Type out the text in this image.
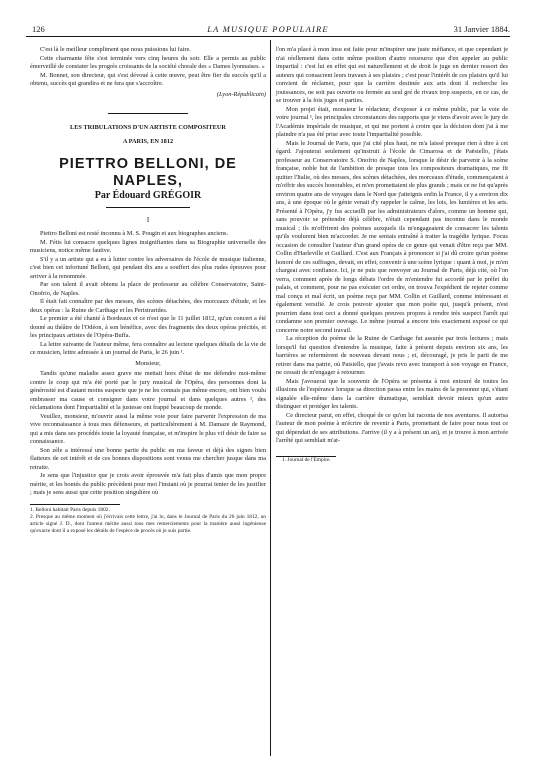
126	LA MUSIQUE POPULAIRE	31 Janvier 1884.

C'est là le meilleur compliment que nous puissions lui faire.

Cette charmante fête s'est terminée vers cinq heures du soir. Elle a permis au public émerveillé de constater les progrès croissants de la société chorale des « Dames lyonnaises. »

M. Bonnet, son directeur, qui s'est dévoué à cette œuvre, peut être fier du succès qu'il a obtenu, succès qui grandira et ne fera que s'accroître.

(Lyon-Républicain)
LES TRIBULATIONS D'UN ARTISTE COMPOSITEUR
A PARIS, EN 1812
PIETTRO BELLONI, DE NAPLES,
Par Édouard GRÉGOIR
I

Piettro Belloni est resté inconnu à M. S. Pougin et aux biographes anciens.

M. Fétis lui consacre quelques lignes insignifiantes dans sa Biographie universelle des musiciens, notice même fautive.

S'il y a un artiste qui a eu à lutter contre les adversaires de l'école de musique italienne, c'est bien cet infortuné Belloni, qui pendant dix ans a souffert des plus rudes épreuves pour arriver à la renommée.

Par son talent il avait obtenu la place de professeur au célèbre Conservatoire, Saint-Onofrio, de Naples.

Il était fait connaître par des messes, des scènes détachées, des morceaux d'étude, et les deux opéras : la Ruine de Carthage et les Peristrarides.

Le premier a été chanté à Bordeaux et ce n'est que le 11 juillet 1812, qu'un concert a été donné au théâtre de l'Odéon, à son bénéfice, avec des fragments des deux opéras précités, et les principaux artistes de l'Opéra-Buffa.

La lettre suivante de l'auteur même, fera connaître au lecteur quelques détails de la vie de ce musicien, lettre adressée à un journal de Paris, le 26 juin ¹.

Monsieur,

Tandis qu'une maladie assez grave me mettait hors d'état de me défendre moi-même contre le coup qui m'a été porté par le jury musical de l'Opéra, des personnes dont la générosité est d'autant moins suspecte que je ne les connais pas même encore, ont bien voulu embrasser ma cause et consigner dans votre journal et dans quelques autres ², des réclamations dont l'impartialité et la justesse ont frappé beaucoup de monde.

Veuillez, monsieur, m'ouvrir aussi la même voie pour faire parvenir l'expression de ma vive reconnaissance à tous mes défenseurs, et particulièrement à M. Damaze de Raymond, qui a mis dans ses procédés toute la loyauté française, et m'inspire le plus vif désir de faire sa connaissance.

Son zèle a intéressé une bonne partie du public en ma faveur et déjà des signes bien flatteurs de cet intérêt et de ces bonnes dispositions sont venus me chercher jusque dans ma retraite.

Je sens que l'injustice que je crois avoir éprouvée m'a fait plus d'amis que mon propre mérite, et les bontés du public précèdent pour moi l'instant où je pourrai tenter de les justifier ; mais je sens aussi que cette position singulière où

1. Belloni habitait Paris depuis 1802.

2. Presque au même moment où j'écrivais cette lettre, j'ai lu, dans le Journal de Paris du 26 juin 1812, un article signé J. D., dont l'auteur mérite aussi tous mes remerciements pour la manière aussi ingénieuse qu'exacte dont il a exposé les détails de l'espèce de procès où je suis partie.

l'on m'a placé à mon insu est faite pour m'inspirer une juste méfiance, et que cependant je n'ai réellement dans cette même position d'autre ressource que d'en appeler au public impartial : c'est lui en effet qui est naturellement et de droit le juge en dernier ressort des auteurs qui consacrent leurs travaux à ses plaisirs ; c'est pour l'intérêt de ces plaisirs qu'il lui convient de réclamer, pour que la carrière destinée aux arts dont il recherche les jouissances, ne soit pas ouverte ou fermée au seul gré de rivaux trop suspects, en ce cas, de se trouver à la fois juges et parties.

Mon projet était, monsieur le rédacteur, d'exposer à ce même public, par la voie de votre journal ¹, les principales circonstances des rapports que je viens d'avoir avec le jury de l'Académie impériale de musique, et qui me portent à croire que la décision dont j'ai à me plaindre n'a pas été prise avec toute l'impartialité possible.

Mais le Journal de Paris, que j'ai cité plus haut, ne m'a laissé presque rien à dire à cet égard. J'ajouterai seulement qu'instruit à l'école de Cimarosa et de Paësiello, j'étais professeur au Conservatoire S. Onofrio de Naples, lorsque le désir de parvenir à la scène française, noble but de l'ambition de presque tous les compositeurs dramatiques, me fit quitter l'Italie, où des messes, des scènes détachées, des morceaux d'étude, commençaient à m'offrir des succès honorables, et m'en promettaient de plus grands ; mais ce ne fut qu'après environ quatre ans de voyages dans le Nord que j'atteignis enfin la France, il y a environ dix ans, à une époque où le génie venait d'y rappeler le calme, les lois, les lumières et les arts. Présenté à l'Opéra, j'y fus accueilli par les administrateurs d'alors, comme un homme qui, sans pouvoir se prétendre déjà célèbre, n'était cependant pas inconnu dans le monde musical ; ils m'offrirent des poèmes auxquels ils m'engageaient de consacrer les talents qu'ils voulurent bien m'accorder. Je me sentais entraîné à traiter la tragédie lyrique. Focus occasion de consulter l'auteur d'un grand opéra de ce genre qui venait d'être reçu par MM. Collin d'Harleville et Guillard. C'est aux Français à prononcer si j'ai dû croire qu'un poème honoré de ces suffrages, devait, en effet, convenir à une scène lyrique : quant à moi, je m'en chargeai avec confiance. Ici, je ne puis que renvoyer au Journal de Paris, déjà cité, où l'on verra, comment après de longs débats l'ordre de m'entendre fut accordé par le préfet du palais, et comment, pour ne pas exécuter cet ordre, on trouva l'expédient de rejeter comme mal conçu et mal écrit, un poème reçu par MM. Collin et Guillard, comme intéressant et également versifié. Je crois pouvoir ajouter que mon poète qui, jusqu'à présent, n'est pourrien dans tout ceci a donné quelques preuves propres à rendre très suspect l'arrêt qui condamne son premier ouvrage. Le même journal a encore très exactement exposé ce qui concerne notre second travail.

La réception du poème de la Ruine de Carthage fut assurée par trois lectures ; mais lorsqu'il fut question d'entendre la musique, faite à présent depuis environ six ans, les barrières se refermèrent de nouveau devant nous ; et, découragé, je pris le parti de me retirer dans ma patrie, où Paisiello, que j'avais revu avec transport à son voyage en France, ne cessait de m'engager à retourner.

Mais j'avouerai que le souvenir de l'Opéra se présenta à moi entouré de toutes les illusions de l'espérance lorsque sa direction passa entre les mains de la personne qui, s'étant signalée elle-même dans la carrière dramatique, semblait devoir mieux qu'un autre distinguer et protéger les talents.

Ce directeur parut, en effet, choqué de ce qu'on lui raconta de nos aventures. Il autorisa l'auteur de mon poème à m'écrire de revenir à Paris, promettant de faire pour nous tout ce qui dépendait de ses attributions. J'arrive (il y a à présent un an), et je trouve à mon arrivée l'arrêté qui semblait m'at-

1. Journal de l'Empire.
